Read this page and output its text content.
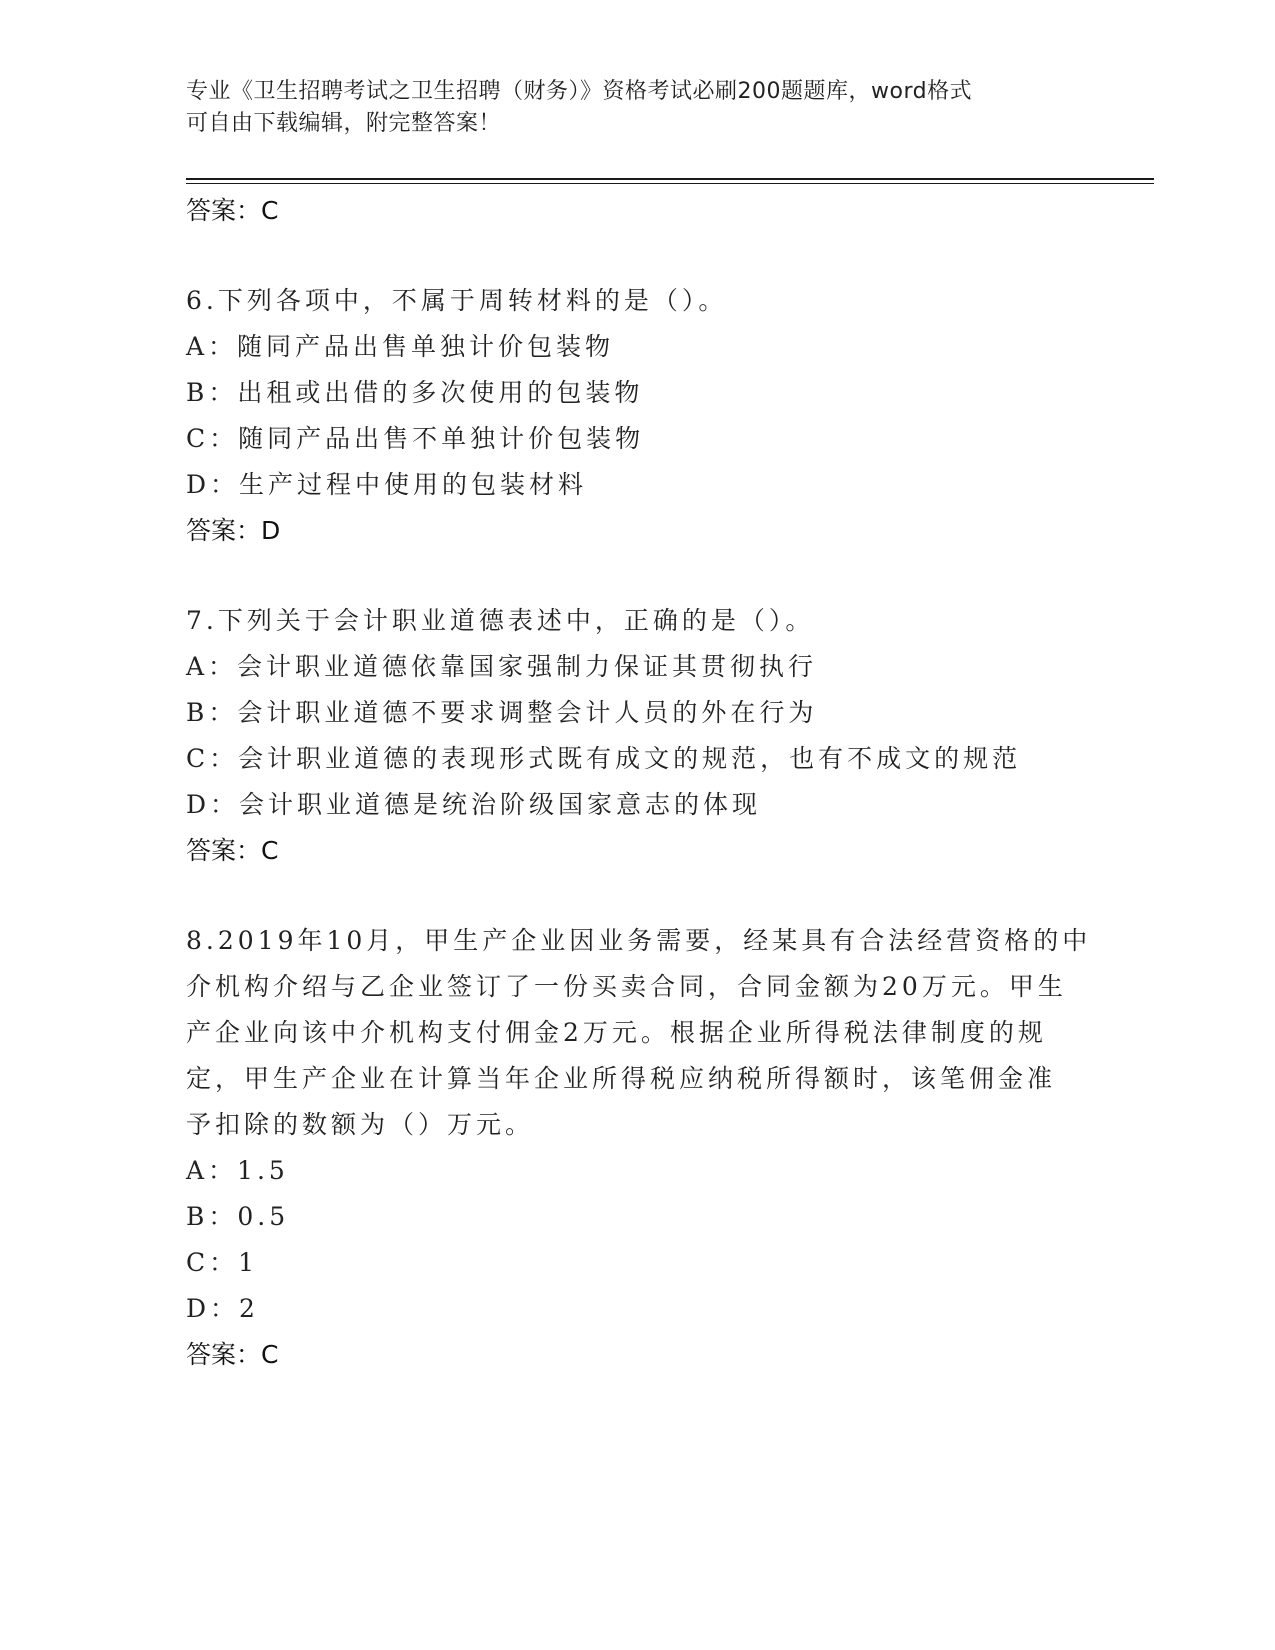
专业《卫生招聘考试之卫生招聘（财务）》资格考试必刷200题题库，word格式
可自由下载编辑，附完整答案！
答案：C
6.下列各项中，不属于周转材料的是（）。
A：随同产品出售单独计价包装物
B：出租或出借的多次使用的包装物
C：随同产品出售不单独计价包装物
D：生产过程中使用的包装材料
答案：D
7.下列关于会计职业道德表述中，正确的是（）。
A：会计职业道德依靠国家强制力保证其贯彻执行
B：会计职业道德不要求调整会计人员的外在行为
C：会计职业道德的表现形式既有成文的规范，也有不成文的规范
D：会计职业道德是统治阶级国家意志的体现
答案：C
8.2019年10月，甲生产企业因业务需要，经某具有合法经营资格的中
介机构介绍与乙企业签订了一份买卖合同，合同金额为20万元。甲生
产企业向该中介机构支付佣金2万元。根据企业所得税法律制度的规
定，甲生产企业在计算当年企业所得税应纳税所得额时，该笔佣金准
予扣除的数额为（）万元。
A：1.5
B：0.5
C：1
D：2
答案：C
